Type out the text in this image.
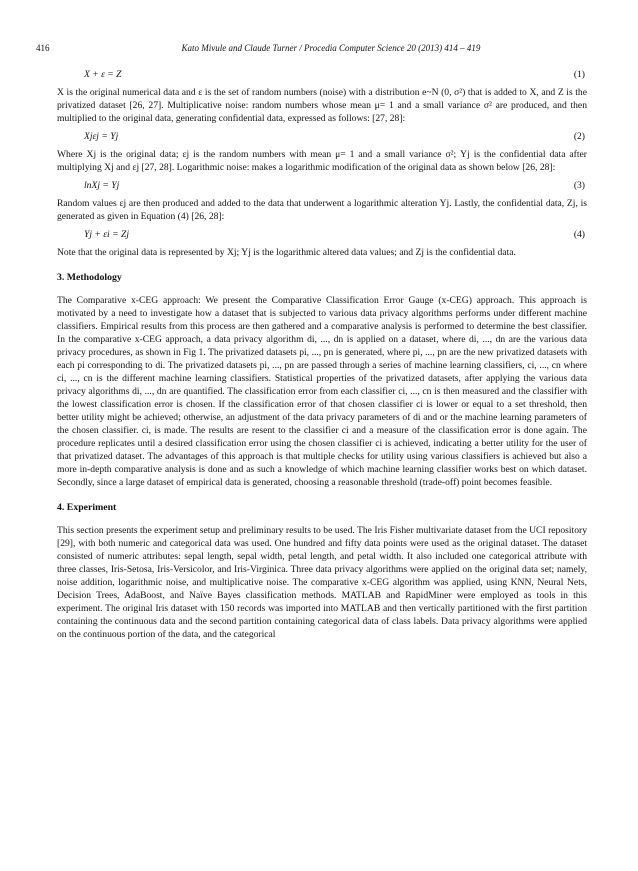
416	Kato Mivule and Claude Turner / Procedia Computer Science 20 (2013) 414 – 419
X + ε = Z	(1)

X is the original numerical data and ε is the set of random numbers (noise) with a distribution e~N (0, σ²) that is added to X, and Z is the privatized dataset [26, 27]. Multiplicative noise: random numbers whose mean μ= 1 and a small variance σ² are produced, and then multiplied to the original data, generating confidential data, expressed as follows: [27, 28]:

Xjεj = Yj	(2)

Where Xj is the original data; εj is the random numbers with mean μ= 1 and a small variance σ²; Yj is the confidential data after multiplying Xj and εj [27, 28]. Logarithmic noise: makes a logarithmic modification of the original data as shown below [26, 28]:

lnXj = Yj	(3)

Random values εj are then produced and added to the data that underwent a logarithmic alteration Yj. Lastly, the confidential data, Zj, is generated as given in Equation (4) [26, 28]:

Yj + εi = Zj	(4)

Note that the original data is represented by Xj; Yj is the logarithmic altered data values; and Zj is the confidential data.

3. Methodology

The Comparative x-CEG approach: We present the Comparative Classification Error Gauge (x-CEG) approach. This approach is motivated by a need to investigate how a dataset that is subjected to various data privacy algorithms performs under different machine classifiers. Empirical results from this process are then gathered and a comparative analysis is performed to determine the best classifier. In the comparative x-CEG approach, a data privacy algorithm di, ..., dn is applied on a dataset, where di, ..., dn are the various data privacy procedures, as shown in Fig 1. The privatized datasets pi, ..., pn is generated, where pi, ..., pn are the new privatized datasets with each pi corresponding to di. The privatized datasets pi, ..., pn are passed through a series of machine learning classifiers, ci, ..., cn where ci, ..., cn is the different machine learning classifiers. Statistical properties of the privatized datasets, after applying the various data privacy algorithms di, ..., dn are quantified. The classification error from each classifier ci, ..., cn is then measured and the classifier with the lowest classification error is chosen. If the classification error of that chosen classifier ci is lower or equal to a set threshold, then better utility might be achieved; otherwise, an adjustment of the data privacy parameters of di and or the machine learning parameters of the chosen classifier. ci, is made. The results are resent to the classifier ci and a measure of the classification error is done again. The procedure replicates until a desired classification error using the chosen classifier ci is achieved, indicating a better utility for the user of that privatized dataset. The advantages of this approach is that multiple checks for utility using various classifiers is achieved but also a more in-depth comparative analysis is done and as such a knowledge of which machine learning classifier works best on which dataset. Secondly, since a large dataset of empirical data is generated, choosing a reasonable threshold (trade-off) point becomes feasible.

4. Experiment

This section presents the experiment setup and preliminary results to be used. The Iris Fisher multivariate dataset from the UCI repository [29], with both numeric and categorical data was used. One hundred and fifty data points were used as the original dataset. The dataset consisted of numeric attributes: sepal length, sepal width, petal length, and petal width. It also included one categorical attribute with three classes, Iris-Setosa, Iris-Versicolor, and Iris-Virginica. Three data privacy algorithms were applied on the original data set; namely, noise addition, logarithmic noise, and multiplicative noise. The comparative x-CEG algorithm was applied, using KNN, Neural Nets, Decision Trees, AdaBoost, and Naïve Bayes classification methods. MATLAB and RapidMiner were employed as tools in this experiment. The original Iris dataset with 150 records was imported into MATLAB and then vertically partitioned with the first partition containing the continuous data and the second partition containing categorical data of class labels. Data privacy algorithms were applied on the continuous portion of the data, and the categorical
